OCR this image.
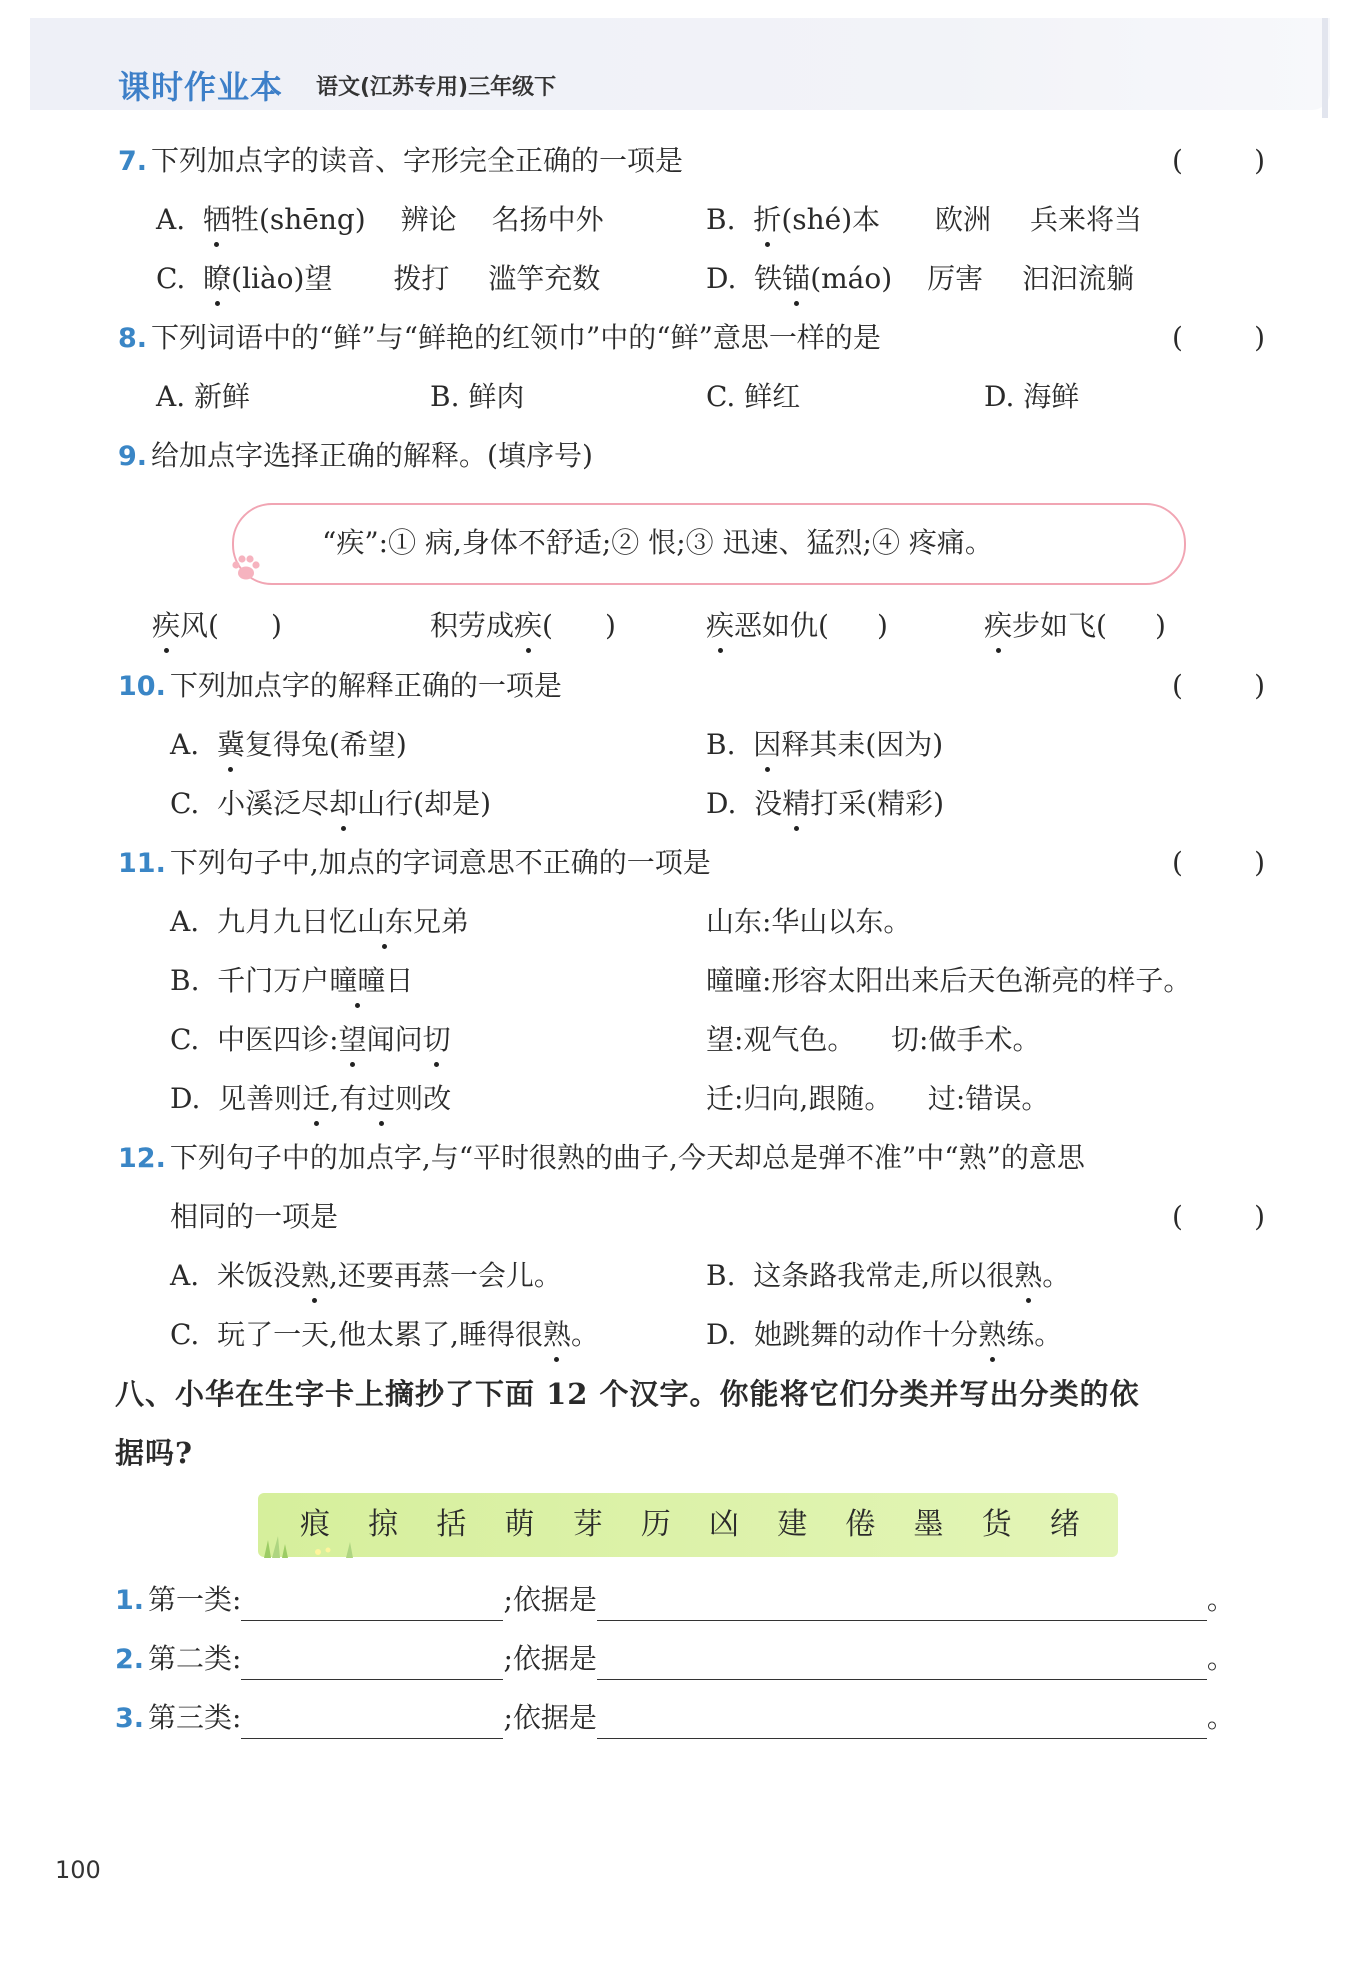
课时作业本 语文(江苏专用)三年级下
7. 下列加点字的读音、字形完全正确的一项是	(        )
A. 牺牲(shēng) 辨论 名扬中外	B. 折(shé)本 欧洲 兵来将当
C. 瞭(liào)望 拨打 滥竽充数	D. 铁锚(máo) 厉害 汩汩流躺
8. 下列词语中的“鲜”与“鲜艳的红领巾”中的“鲜”意思一样的是	(        )
A. 新鲜	B. 鲜肉	C. 鲜红	D. 海鲜
9. 给加点字选择正确的解释。(填序号)
“疾”:① 病,身体不舒适;② 恨;③ 迅速、猛烈;④ 疼痛。
疾风( )	积劳成疾( )	疾恶如仇( )	疾步如飞( )
10. 下列加点字的解释正确的一项是	(        )
A. 冀复得兔(希望)	B. 因释其耒(因为)
C. 小溪泛尽却山行(却是)	D. 没精打采(精彩)
11. 下列句子中,加点的字词意思不正确的一项是	(        )
A. 九月九日忆山东兄弟	山东:华山以东。
B. 千门万户曈曈日	曈曈:形容太阳出来后天色渐亮的样子。
C. 中医四诊:望闻问切	望:观气色。    切:做手术。
D. 见善则迁,有过则改	迁:归向,跟随。    过:错误。
12. 下列句子中的加点字,与“平时很熟的曲子,今天却总是弹不准”中“熟”的意思
相同的一项是	(        )
A. 米饭没熟,还要再蒸一会儿。	B. 这条路我常走,所以很熟。
C. 玩了一天,他太累了,睡得很熟。	D. 她跳舞的动作十分熟练。
八、小华在生字卡上摘抄了下面 12 个汉字。你能将它们分类并写出分类的依
据吗?
痕 掠 括 萌 芽 历 凶 建 倦 墨 货 绪
1. 第一类:	;依据是	。
2. 第二类:	;依据是	。
3. 第三类:	;依据是	。
100
